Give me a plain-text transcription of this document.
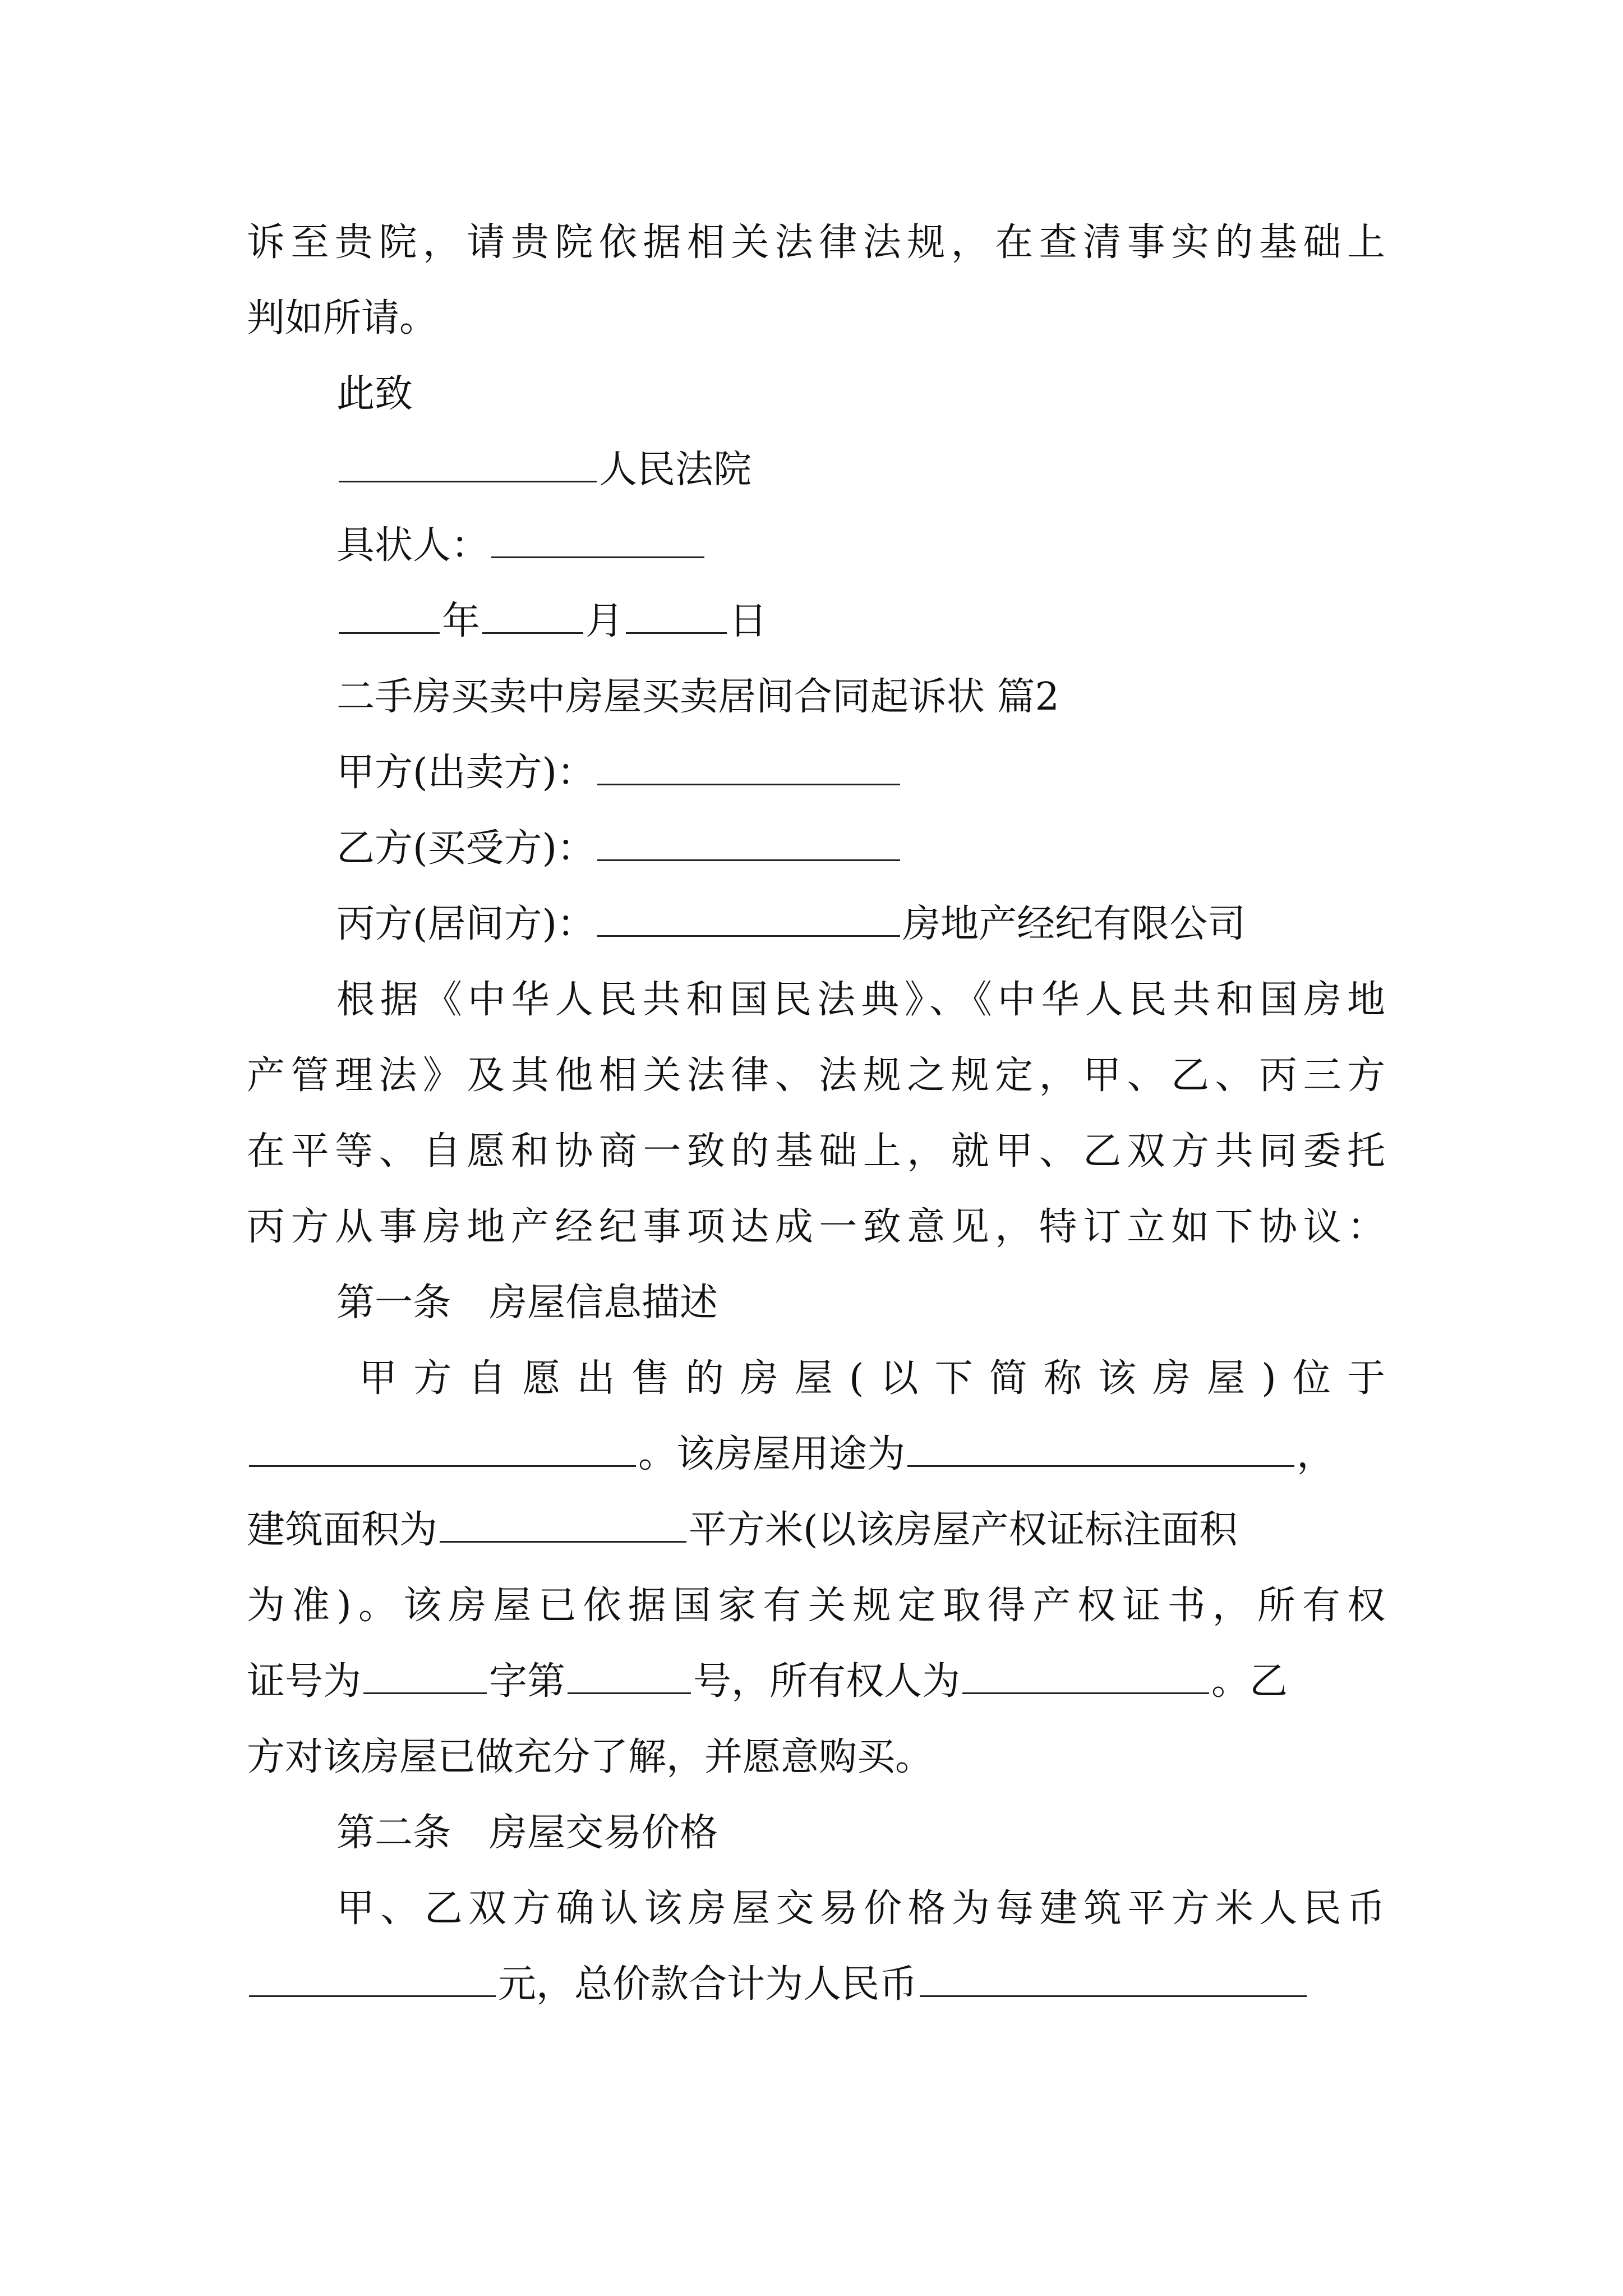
诉至贵院，请贵院依据相关法律法规，在查清事实的基础上
判如所请。
此致
人民法院
具状人：
年	月	日
二手房买卖中房屋买卖居间合同起诉状 篇2
甲方(出卖方)：
乙方(买受方)：
丙方(居间方)：	房地产经纪有限公司
根据《中华人民共和国民法典》、《中华人民共和国房地
产管理法》及其他相关法律、法规之规定，甲、乙、丙三方
在平等、自愿和协商一致的基础上，就甲、乙双方共同委托
丙方从事房地产经纪事项达成一致意见，特订立如下协议：
第一条　房屋信息描述
甲方自愿出售的房屋(以下简称该房屋)位于
。该房屋用途为	，
建筑面积为	平方米(以该房屋产权证标注面积
为准)。该房屋已依据国家有关规定取得产权证书，所有权
证号为	字第	号，所有权人为	。乙
方对该房屋已做充分了解，并愿意购买。
第二条　房屋交易价格
甲、乙双方确认该房屋交易价格为每建筑平方米人民币
元，总价款合计为人民币
